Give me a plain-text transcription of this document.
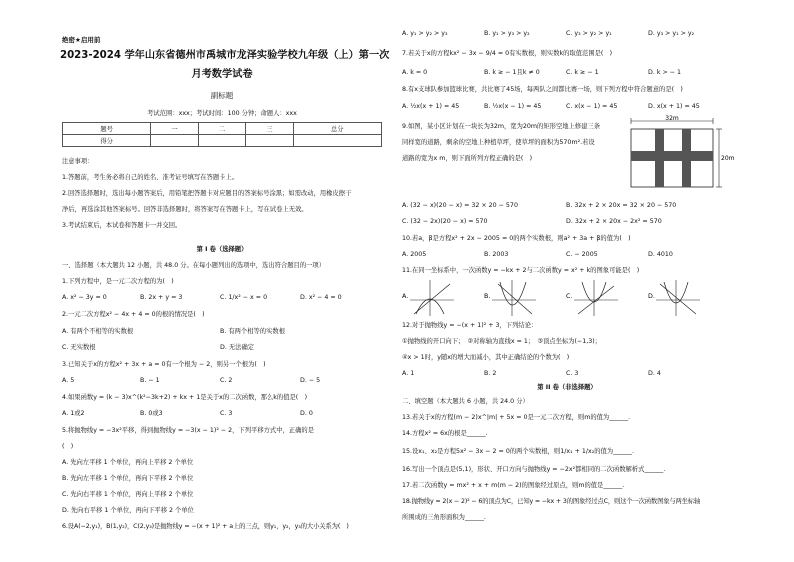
绝密★启用前
2023-2024 学年山东省德州市禹城市龙泽实验学校九年级（上）第一次
月考数学试卷
副标题
考试范围：xxx；考试时间：100 分钟；命题人：xxx
题号	一	二	三	总分
得分				
注意事项：
1.答题前，考生务必将自己的姓名、准考证号填写在答题卡上。
2.回答选择题时，选出每小题答案后，用铅笔把答题卡对应题目的答案标号涂黑；如需改动，用橡皮擦干
净后，再选涂其他答案标号。回答非选择题时，将答案写在答题卡上，写在试卷上无效。
3.考试结束后，本试卷和答题卡一并交回。
第 I 卷（选择题）
一、选择题（本大题共 12 小题，共 48.0 分。在每小题列出的选项中，选出符合题目的一项）
1.下列方程中，是一元二次方程的为(　)
A. x² − 3y = 0	B. 2x + y = 3	C. 1/x² − x = 0	D. x² − 4 = 0
2.一元二次方程x² − 4x + 4 = 0的根的情况是(　)
A. 有两个不相等的实数根	B. 有两个相等的实数根
C. 无实数根	D. 无法确定
3.已知关于x的方程x² + 3x + a = 0有一个根为 − 2，则另一个根为(　)
A. 5	B. − 1	C. 2	D. − 5
4.如果函数y = (k − 3)x^(k²−3k+2) + kx + 1是关于x的二次函数，那么k的值是(　)
A. 1或2	B. 0或3	C. 3	D. 0
5.将抛物线y = −3x²平移，得到抛物线y = −3(x − 1)² − 2，下列平移方式中，正确的是
(　)
A. 先向左平移 1 个单位，再向上平移 2 个单位
B. 先向左平移 1 个单位，再向下平移 2 个单位
C. 先向右平移 1 个单位，再向上平移 2 个单位
D. 先向右平移 1 个单位，再向下平移 2 个单位
6.设A(−2,y₁)，B(1,y₂)，C(2,y₃)是抛物线y = −(x + 1)² + a上的三点，则y₁，y₂，y₃的大小关系为(　)
A. y₁ > y₂ > y₃	B. y₁ > y₃ > y₂	C. y₃ > y₂ > y₁	D. y₃ > y₁ > y₂
7.若关于x的方程kx² − 3x − 9/4 = 0有实数根，则实数k的取值范围是(　)
A. k = 0	B. k ≥ − 1且k ≠ 0	C. k ≥ − 1	D. k > − 1
8.有x支球队参加篮球比赛，共比赛了45场，每两队之间都比赛一场，则下列方程中符合题意的是(　)
A. ½x(x + 1) = 45	B. ½x(x − 1) = 45	C. x(x − 1) = 45	D. x(x + 1) = 45
9.如图，某小区计划在一块长为32m，宽为20m的矩形空地上修建三条
同样宽的道路，剩余的空地上种植草坪，使草坪的面积为570m².若设
道路的宽为x m，则下面所列方程正确的是(　)
32m
20m
A. (32 − x)(20 − x) = 32 × 20 − 570	B. 32x + 2 × 20x = 32 × 20 − 570
C. (32 − 2x)(20 − x) = 570	D. 32x + 2 × 20x − 2x² = 570
10.若a，β是方程x² + 2x − 2005 = 0的两个实数根，则a² + 3a + β的值为(　)
A. 2005	B. 2003	C. − 2005	D. 4010
11.在同一坐标系中，一次函数y = −kx + 2与二次函数y = x² + k的图象可能是(　)
A.	B.	C.	D.
12.对于抛物线y = −(x + 1)² + 3，下列结论：
①抛物线的开口向下；　②对称轴为直线x = 1；　③顶点坐标为(−1,3)；
④x > 1时，y随x的增大而减小，其中正确结论的个数为(　)
A. 1	B. 2	C. 3	D. 4
第 II 卷（非选择题）
二、填空题（本大题共 6 小题，共 24.0 分）
13.若关于x的方程(m − 2)x^|m| + 5x = 0是一元二次方程，则m的值为______.
14.方程x² = 6x的根是______.
15.设x₁、x₂是方程5x² − 3x − 2 = 0的两个实数根，则1/x₁ + 1/x₂的值为______.
16.写出一个顶点是(5,1)，形状、开口方向与抛物线y = −2x²都相同的二次函数解析式______.
17.若二次函数y = mx² + x + m(m − 2)的图象经过原点，则m的值是______.
18.抛物线y = 2(x − 2)² − 6的顶点为C，已知y = −kx + 3的图象经过点C，则这个一次函数图象与两坐标轴
所围成的三角形面积为______.
